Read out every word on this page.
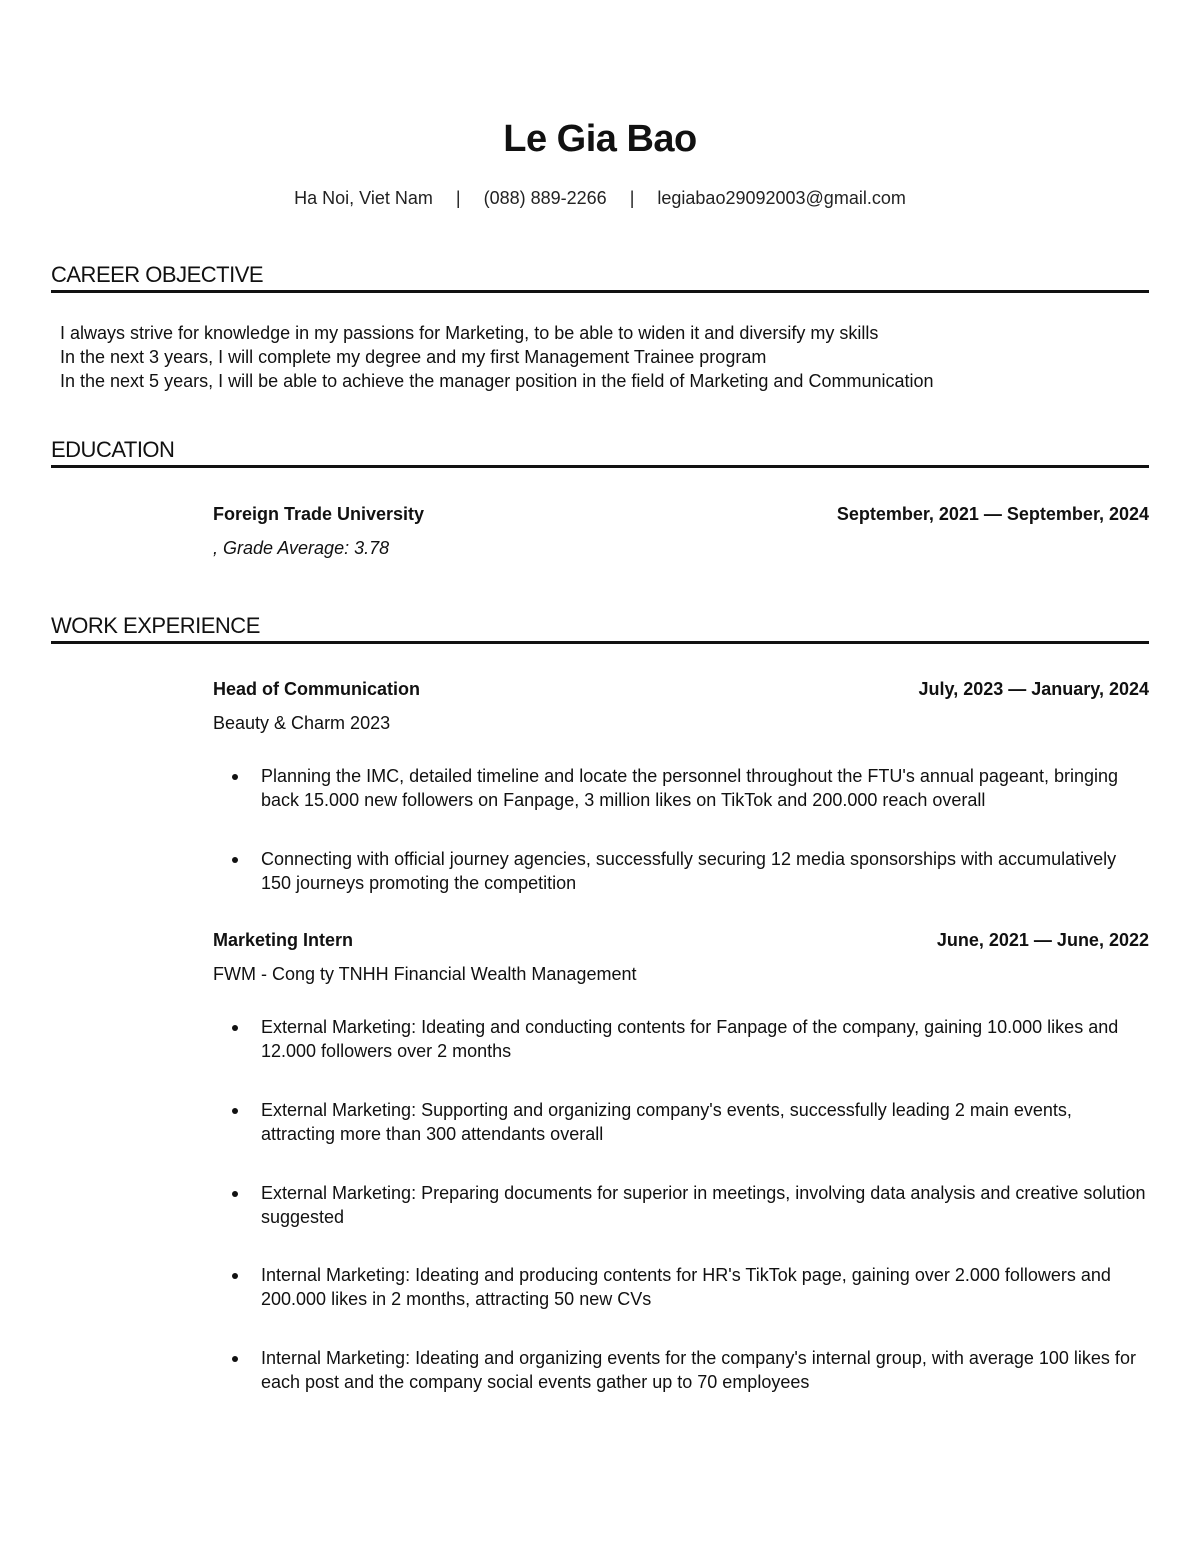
Le Gia Bao
Ha Noi, Viet Nam | (088) 889-2266 | legiabao29092003@gmail.com
CAREER OBJECTIVE
I always strive for knowledge in my passions for Marketing, to be able to widen it and diversify my skills
In the next 3 years, I will complete my degree and my first Management Trainee program
In the next 5 years, I will be able to achieve the manager position in the field of Marketing and Communication
EDUCATION
Foreign Trade University	September, 2021 — September, 2024
, Grade Average: 3.78
WORK EXPERIENCE
Head of Communication	July, 2023 — January, 2024
Beauty & Charm 2023
Planning the IMC, detailed timeline and locate the personnel throughout the FTU's annual pageant, bringing back 15.000 new followers on Fanpage, 3 million likes on TikTok and 200.000 reach overall
Connecting with official journey agencies, successfully securing 12 media sponsorships with accumulatively 150 journeys promoting the competition
Marketing Intern	June, 2021 — June, 2022
FWM - Cong ty TNHH Financial Wealth Management
External Marketing: Ideating and conducting contents for Fanpage of the company, gaining 10.000 likes and 12.000 followers over 2 months
External Marketing: Supporting and organizing company's events, successfully leading 2 main events, attracting more than 300 attendants overall
External Marketing: Preparing documents for superior in meetings, involving data analysis and creative solution suggested
Internal Marketing: Ideating and producing contents for HR's TikTok page, gaining over 2.000 followers and 200.000 likes in 2 months, attracting 50 new CVs
Internal Marketing: Ideating and organizing events for the company's internal group, with average 100 likes for each post and the company social events gather up to 70 employees
